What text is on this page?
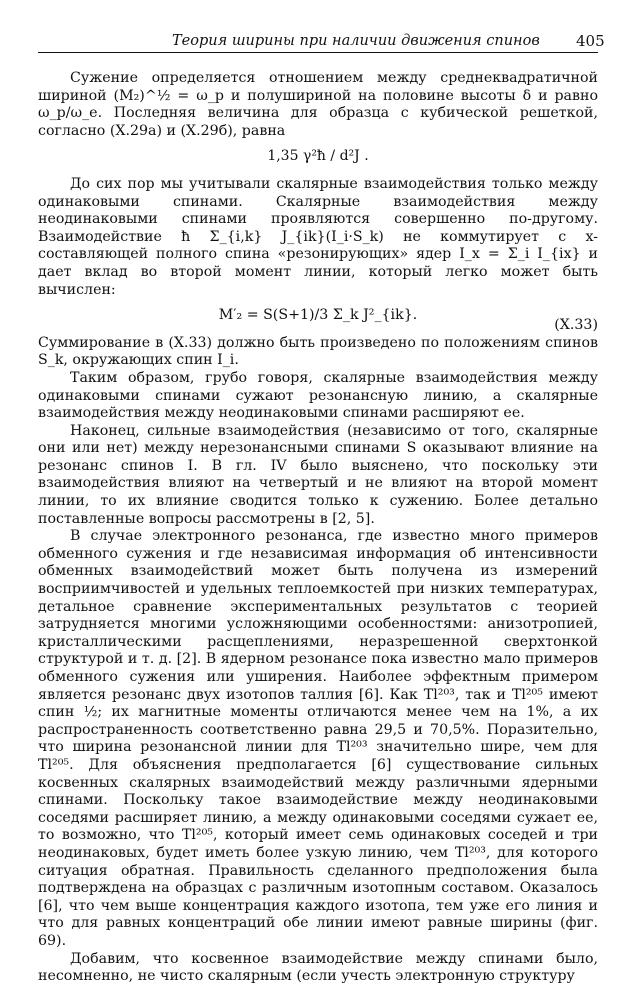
Теория ширины при наличии движения спинов 405

Сужение определяется отношением между среднеквадратичной шириной (M₂)^½ = ω_p и полушириной на половине высоты δ и равно ω_p/ω_e. Последняя величина для образца с кубической решеткой, согласно (X.29a) и (X.29б), равна

1,35 γ²ħ / d²J .

До сих пор мы учитывали скалярные взаимодействия только между одинаковыми спинами. Скалярные взаимодействия между неодинаковыми спинами проявляются совершенно по-другому. Взаимодействие ħ Σ_{i,k} J_{ik}(I_i·S_k) не коммутирует с x-составляющей полного спина «резонирующих» ядер I_x = Σ_i I_{ix} и дает вклад во второй момент линии, который легко может быть вычислен:

M′₂ = S(S+1)/3 Σ_k J²_{ik}.
(X.33)

Суммирование в (X.33) должно быть произведено по положениям спинов S_k, окружающих спин I_i.

Таким образом, грубо говоря, скалярные взаимодействия между одинаковыми спинами сужают резонансную линию, а скалярные взаимодействия между неодинаковыми спинами расширяют ее.

Наконец, сильные взаимодействия (независимо от того, скалярные они или нет) между нерезонансными спинами S оказывают влияние на резонанс спинов I. В гл. IV было выяснено, что поскольку эти взаимодействия влияют на четвертый и не влияют на второй момент линии, то их влияние сводится только к сужению. Более детально поставленные вопросы рассмотрены в [2, 5].

В случае электронного резонанса, где известно много примеров обменного сужения и где независимая информация об интенсивности обменных взаимодействий может быть получена из измерений восприимчивостей и удельных теплоемкостей при низких температурах, детальное сравнение экспериментальных результатов с теорией затрудняется многими усложняющими особенностями: анизотропией, кристаллическими расщеплениями, неразрешенной сверхтонкой структурой и т. д. [2]. В ядерном резонансе пока известно мало примеров обменного сужения или уширения. Наиболее эффектным примером является резонанс двух изотопов таллия [6]. Как Tl²⁰³, так и Tl²⁰⁵ имеют спин ½; их магнитные моменты отличаются менее чем на 1%, а их распространенность соответственно равна 29,5 и 70,5%. Поразительно, что ширина резонансной линии для Tl²⁰³ значительно шире, чем для Tl²⁰⁵. Для объяснения предполагается [6] существование сильных косвенных скалярных взаимодействий между различными ядерными спинами. Поскольку такое взаимодействие между неодинаковыми соседями расширяет линию, а между одинаковыми соседями сужает ее, то возможно, что Tl²⁰⁵, который имеет семь одинаковых соседей и три неодинаковых, будет иметь более узкую линию, чем Tl²⁰³, для которого ситуация обратная. Правильность сделанного предположения была подтверждена на образцах с различным изотопным составом. Оказалось [6], что чем выше концентрация каждого изотопа, тем уже его линия и что для равных концентраций обе линии имеют равные ширины (фиг. 69).

Добавим, что косвенное взаимодействие между спинами было, несомненно, не чисто скалярным (если учесть электронную структуру
